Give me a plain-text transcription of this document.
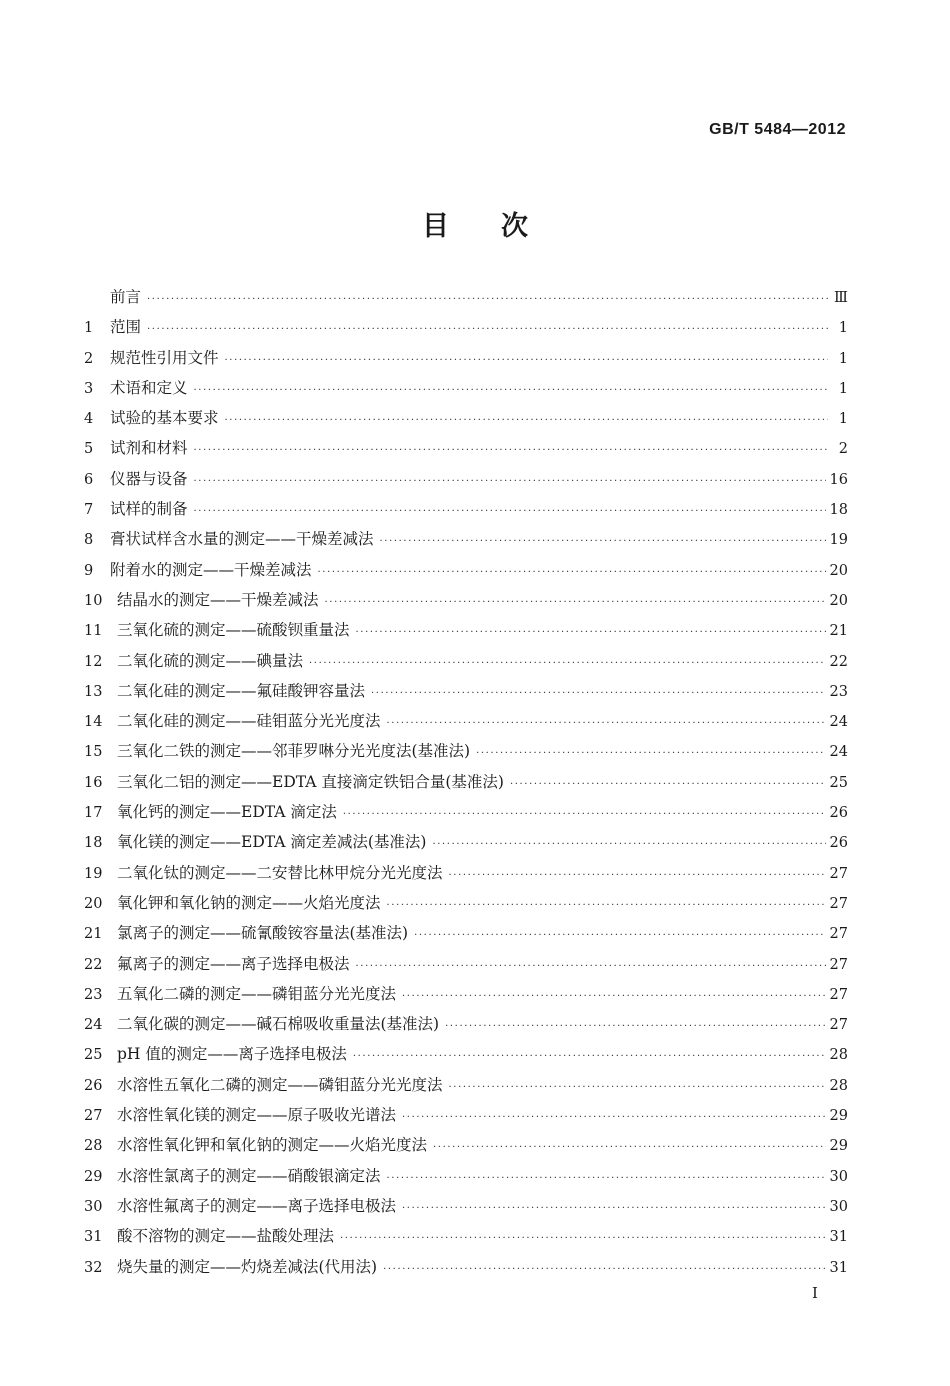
GB/T 5484—2012
目次
前言 ·····	Ⅲ
1	范围 ·····	1
2	规范性引用文件 ·····	1
3	术语和定义 ·····	1
4	试验的基本要求 ·····	1
5	试剂和材料 ·····	2
6	仪器与设备 ·····	16
7	试样的制备 ·····	18
8	膏状试样含水量的测定——干燥差减法 ·····	19
9	附着水的测定——干燥差减法 ·····	20
10 结晶水的测定——干燥差减法 ·····	20
11 三氧化硫的测定——硫酸钡重量法 ·····	21
12 二氧化硫的测定——碘量法 ·····	22
13 二氧化硅的测定——氟硅酸钾容量法 ·····	23
14 二氧化硅的测定——硅钼蓝分光光度法 ·····	24
15 三氧化二铁的测定——邻菲罗啉分光光度法(基准法) ·····	24
16 三氧化二铝的测定——EDTA 直接滴定铁铝合量(基准法) ·····	25
17 氧化钙的测定——EDTA 滴定法 ·····	26
18 氧化镁的测定——EDTA 滴定差减法(基准法) ·····	26
19 二氧化钛的测定——二安替比林甲烷分光光度法 ·····	27
20 氧化钾和氧化钠的测定——火焰光度法 ·····	27
21 氯离子的测定——硫氰酸铵容量法(基准法) ·····	27
22 氟离子的测定——离子选择电极法 ·····	27
23 五氧化二磷的测定——磷钼蓝分光光度法 ·····	27
24 二氧化碳的测定——碱石棉吸收重量法(基准法) ·····	27
25 pH 值的测定——离子选择电极法 ·····	28
26 水溶性五氧化二磷的测定——磷钼蓝分光光度法 ·····	28
27 水溶性氧化镁的测定——原子吸收光谱法 ·····	29
28 水溶性氧化钾和氧化钠的测定——火焰光度法 ·····	29
29 水溶性氯离子的测定——硝酸银滴定法 ·····	30
30 水溶性氟离子的测定——离子选择电极法 ·····	30
31 酸不溶物的测定——盐酸处理法 ·····	31
32 烧失量的测定——灼烧差减法(代用法) ·····	31
I
